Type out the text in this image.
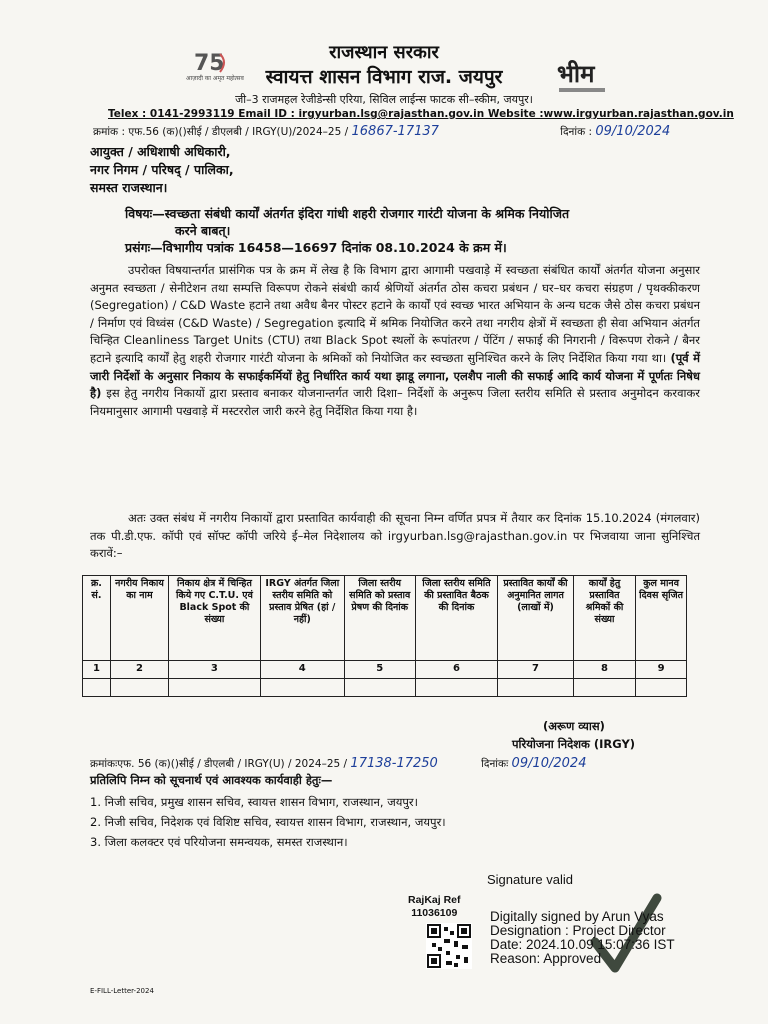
75
आज़ादी का अमृत महोत्सव	भीम
राजस्थान सरकार
स्वायत्त शासन विभाग राज. जयपुर
जी–3 राजमहल रेजीडेन्सी एरिया, सिविल लाईन्स फाटक सी–स्कीम, जयपुर।
Telex : 0141-2993119 Email ID : irgyurban.lsg@rajasthan.gov.in Website :www.irgyurban.rajasthan.gov.in
क्रमांक : एफ.56 (क)()सीई / डीएलबी / IRGY(U)/2024–25 / 16867-17137	दिनांक : 09/10/2024
आयुक्त / अधिशाषी अधिकारी,
नगर निगम / परिषद् / पालिका,
समस्त राजस्थान।
विषयः—स्वच्छता संबंधी कार्यों अंतर्गत इंदिरा गांधी शहरी रोजगार गारंटी योजना के श्रमिक नियोजित
करने बाबत्।
प्रसंगः—विभागीय पत्रांक 16458—16697 दिनांक 08.10.2024 के क्रम में।
उपरोक्त विषयान्तर्गत प्रासंगिक पत्र के क्रम में लेख है कि विभाग द्वारा आगामी पखवाड़े में स्वच्छता संबंधित कार्यों अंतर्गत योजना अनुसार अनुमत स्वच्छता / सेनीटेशन तथा सम्पत्ति विरूपण रोकने संबंधी कार्य श्रेणियों अंतर्गत ठोस कचरा प्रबंधन / घर–घर कचरा संग्रहण / पृथक्कीकरण (Segregation) / C&D Waste हटाने तथा अवैध बैनर पोस्टर हटाने के कार्यों एवं स्वच्छ भारत अभियान के अन्य घटक जैसे ठोस कचरा प्रबंधन / निर्माण एवं विध्वंस (C&D Waste) / Segregation इत्यादि में श्रमिक नियोजित करने तथा नगरीय क्षेत्रों में स्वच्छता ही सेवा अभियान अंतर्गत चिन्हित Cleanliness Target Units (CTU) तथा Black Spot स्थलों के रूपांतरण / पेंटिंग / सफाई की निगरानी / विरूपण रोकने / बैनर हटाने इत्यादि कार्यों हेतु शहरी रोजगार गारंटी योजना के श्रमिकों को नियोजित कर स्वच्छता सुनिश्चित करने के लिए निर्देशित किया गया था। (पूर्व में जारी निर्देशों के अनुसार निकाय के सफाईकर्मियों हेतु निर्धारित कार्य यथा झाडू लगाना, एलशैप नाली की सफाई आदि कार्य योजना में पूर्णतः निषेध है) इस हेतु नगरीय निकायों द्वारा प्रस्ताव बनाकर योजनान्तर्गत जारी दिशा– निर्देशों के अनुरूप जिला स्तरीय समिति से प्रस्ताव अनुमोदन करवाकर नियमानुसार आगामी पखवाड़े में मस्टररोल जारी करने हेतु निर्देशित किया गया है।
अतः उक्त संबंध में नगरीय निकायों द्वारा प्रस्तावित कार्यवाही की सूचना निम्न वर्णित प्रपत्र में तैयार कर दिनांक 15.10.2024 (मंगलवार) तक पी.डी.एफ. कॉपी एवं सॉफ्ट कॉपी जरिये ई–मेल निदेशालय को irgyurban.lsg@rajasthan.gov.in पर भिजवाया जाना सुनिश्चित करावें:–
क्र. सं.	नगरीय निकाय का नाम	निकाय क्षेत्र में चिन्हित किये गए C.T.U. एवं Black Spot की संख्या	IRGY अंतर्गत जिला स्तरीय समिति को प्रस्ताव प्रेषित (हां / नहीं)	जिला स्तरीय समिति को प्रस्ताव प्रेषण की दिनांक	जिला स्तरीय समिति की प्रस्तावित बैठक की दिनांक	प्रस्तावित कार्यों की अनुमानित लागत (लाखों में)	कार्यों हेतु प्रस्तावित श्रमिकों की संख्या	कुल मानव दिवस सृजित
1	2	3	4	5	6	7	8	9

(अरूण व्यास)
परियोजना निदेशक (IRGY)
क्रमांकःएफ. 56 (क)()सीई / डीएलबी / IRGY(U) / 2024–25 / 17138-17250	दिनांकः 09/10/2024
प्रतिलिपि निम्न को सूचनार्थ एवं आवश्यक कार्यवाही हेतुः—
1. निजी सचिव, प्रमुख शासन सचिव, स्वायत्त शासन विभाग, राजस्थान, जयपुर।
2. निजी सचिव, निदेशक एवं विशिष्ट सचिव, स्वायत्त शासन विभाग, राजस्थान, जयपुर।
3. जिला कलक्टर एवं परियोजना समन्वयक, समस्त राजस्थान।
Signature valid
RajKaj Ref
11036109 Digitally signed by Arun Vyas
Designation : Project Director
Date: 2024.10.09 15:07:36 IST
Reason: Approved
E-FILL-Letter-2024
